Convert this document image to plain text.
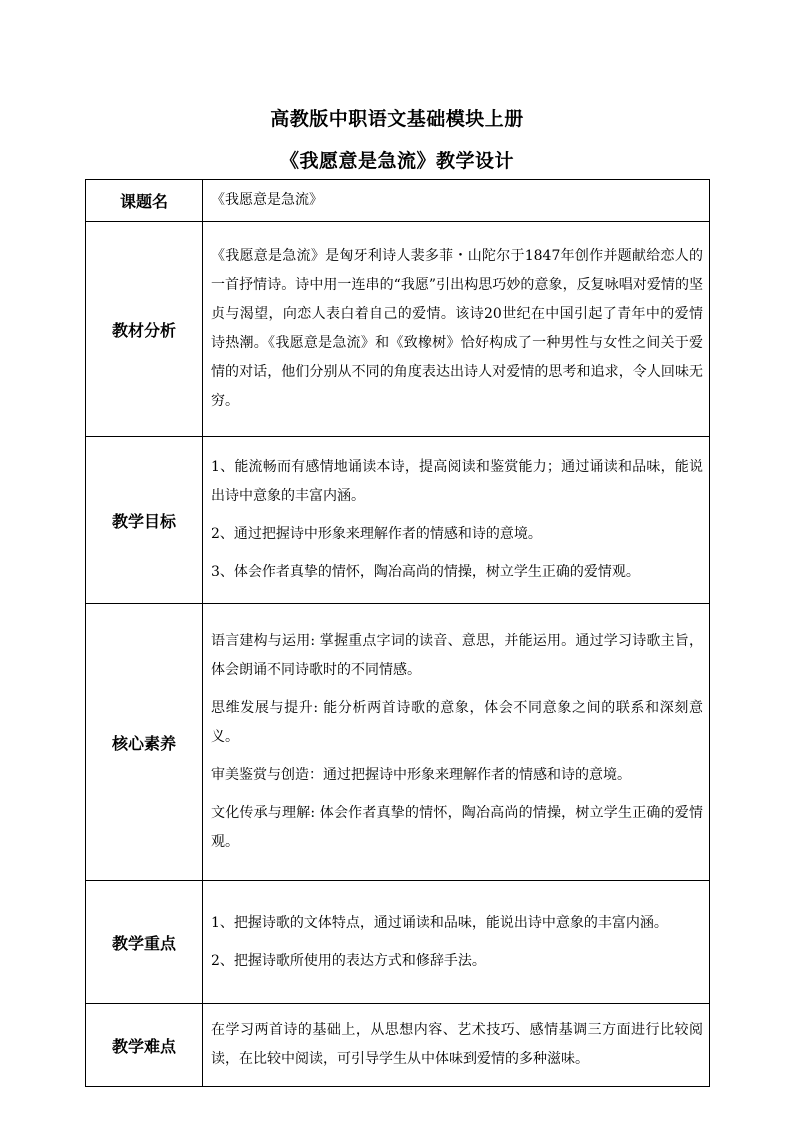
高教版中职语文基础模块上册
《我愿意是急流》教学设计
课题名	《我愿意是急流》

教材分析	《我愿意是急流》是匈牙利诗人裴多菲・山陀尔于1847年创作并题献给恋人的一首抒情诗。诗中用一连串的“我愿”引出构思巧妙的意象，反复咏唱对爱情的坚贞与渴望，向恋人表白着自己的爱情。该诗20世纪在中国引起了青年中的爱情诗热潮。《我愿意是急流》和《致橡树》恰好构成了一种男性与女性之间关于爱情的对话，他们分别从不同的角度表达出诗人对爱情的思考和追求，令人回味无穷。

教学目标	1、能流畅而有感情地诵读本诗，提高阅读和鉴赏能力；通过诵读和品味，能说出诗中意象的丰富内涵。

2、通过把握诗中形象来理解作者的情感和诗的意境。

3、体会作者真挚的情怀，陶冶高尚的情操，树立学生正确的爱情观。

核心素养	语言建构与运用: 掌握重点字词的读音、意思，并能运用。通过学习诗歌主旨，体会朗诵不同诗歌时的不同情感。

思维发展与提升: 能分析两首诗歌的意象，体会不同意象之间的联系和深刻意义。

审美鉴赏与创造：通过把握诗中形象来理解作者的情感和诗的意境。

文化传承与理解: 体会作者真挚的情怀，陶冶高尚的情操，树立学生正确的爱情观。

教学重点	1、把握诗歌的文体特点，通过诵读和品味，能说出诗中意象的丰富内涵。

2、把握诗歌所使用的表达方式和修辞手法。

教学难点	在学习两首诗的基础上，从思想内容、艺术技巧、感情基调三方面进行比较阅读，在比较中阅读，可引导学生从中体味到爱情的多种滋味。
